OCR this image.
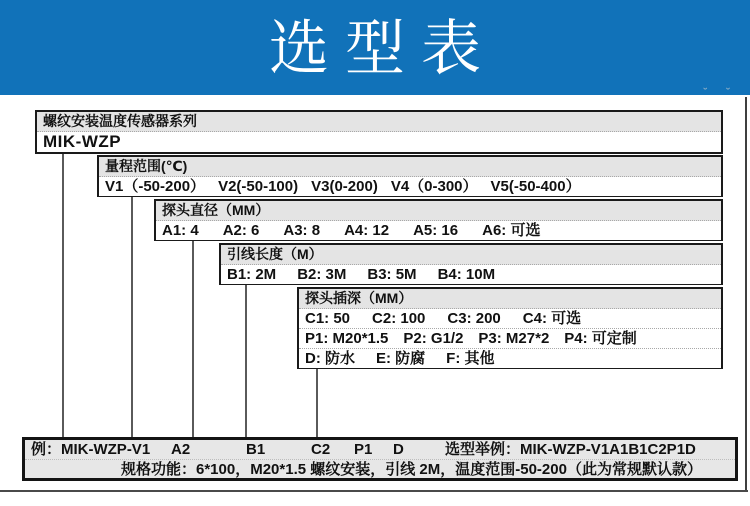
选型表
˘ ˘
螺纹安装温度传感器系列
MIK-WZP
量程范围(℃)
V1（-50-200） V2(-50-100) V3(0-200) V4（0-300） V5(-50-400）
探头直径（MM）
A1: 4 A2: 6 A3: 8 A4: 12 A5: 16 A6: 可选
引线长度（M）
B1: 2M B2: 3M B3: 5M B4: 10M
探头插深（MM）
C1: 50 C2: 100 C3: 200 C4: 可选
P1: M20*1.5 P2: G1/2 P3: M27*2 P4: 可定制
D: 防水 E: 防腐 F: 其他
例：MIK-WZP-V1 A2	B1	C2 P1 D	选型举例：MIK-WZP-V1A1B1C2P1D
规格功能：6*100，M20*1.5 螺纹安装，引线 2M，温度范围-50-200（此为常规默认款）
